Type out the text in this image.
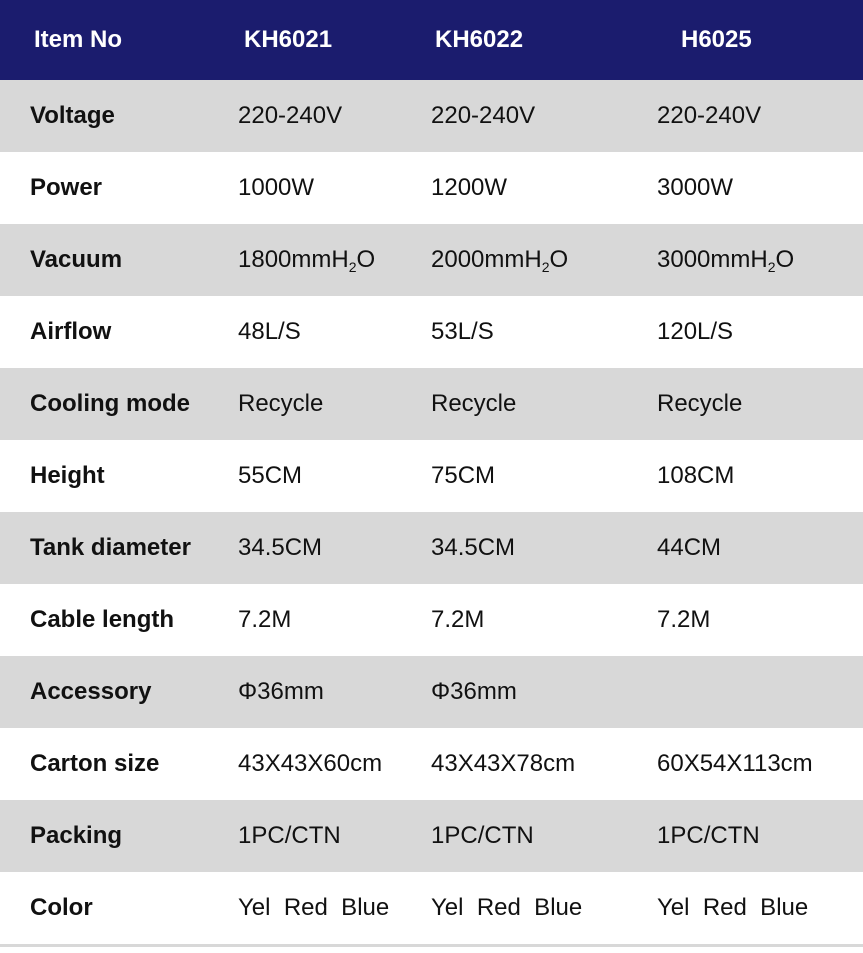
Item No	KH6021	KH6022	H6025
Voltage	220-240V	220-240V	220-240V
Power	1000W	1200W	3000W
Vacuum	1800mmH$_2$O	2000mmH$_2$O	3000mmH$_2$O
Airflow	48L/S	53L/S	120L/S
Cooling mode	Recycle	Recycle	Recycle
Height	55CM	75CM	108CM
Tank diameter	34.5CM	34.5CM	44CM
Cable length	7.2M	7.2M	7.2M
Accessory	Φ36mm	Φ36mm
Carton size	43X43X60cm	43X43X78cm	60X54X113cm
Packing	1PC/CTN	1PC/CTN	1PC/CTN
Color	Yel  Red  Blue	Yel  Red  Blue	Yel  Red  Blue
